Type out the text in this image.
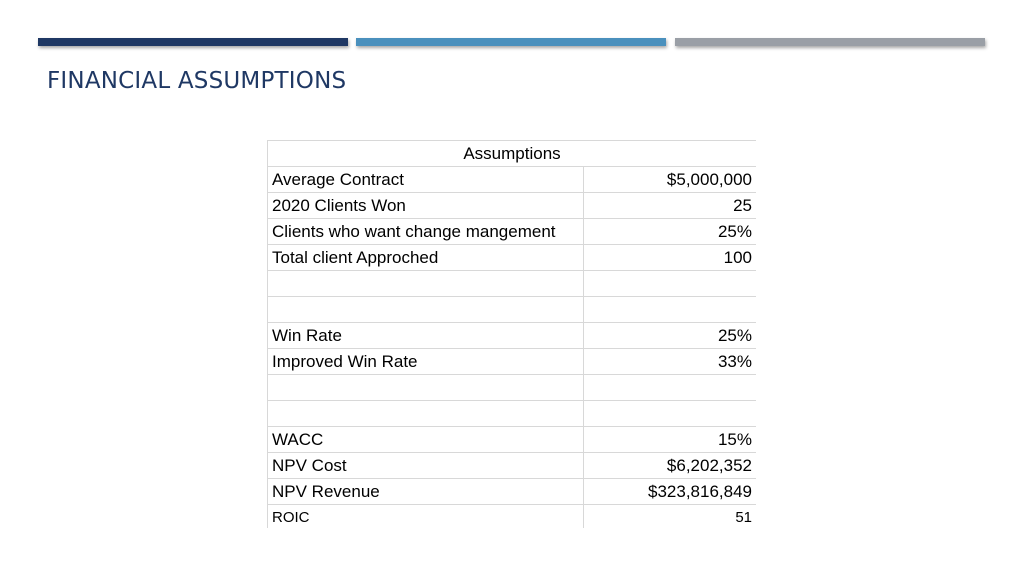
FINANCIAL ASSUMPTIONS
Assumptions
Average Contract	$5,000,000
2020 Clients Won	25
Clients who want change mangement	25%
Total client Approched	100
Win Rate	25%
Improved Win Rate	33%
WACC	15%
NPV Cost	$6,202,352
NPV Revenue	$323,816,849
ROIC	51
